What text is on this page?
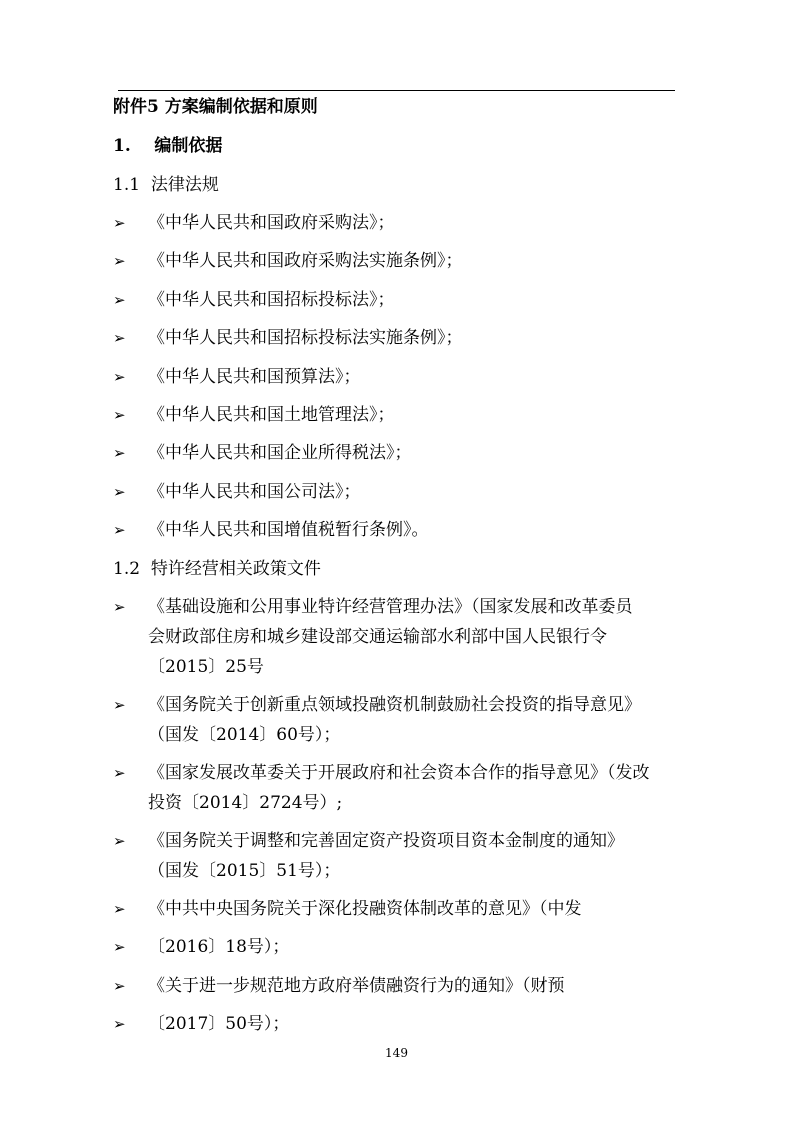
附件5 方案编制依据和原则
1.    编制依据
1.1  法律法规
➢ 《中华人民共和国政府采购法》；
➢ 《中华人民共和国政府采购法实施条例》；
➢ 《中华人民共和国招标投标法》；
➢ 《中华人民共和国招标投标法实施条例》；
➢ 《中华人民共和国预算法》；
➢ 《中华人民共和国土地管理法》；
➢ 《中华人民共和国企业所得税法》；
➢ 《中华人民共和国公司法》；
➢ 《中华人民共和国增值税暂行条例》。
1.2  特许经营相关政策文件
➢ 《基础设施和公用事业特许经营管理办法》（国家发展和改革委员
会财政部住房和城乡建设部交通运输部水利部中国人民银行令
〔2015〕25号
➢ 《国务院关于创新重点领域投融资机制鼓励社会投资的指导意见》
（国发〔2014〕60号）；
➢ 《国家发展改革委关于开展政府和社会资本合作的指导意见》（发改
投资〔2014〕2724号）;
➢ 《国务院关于调整和完善固定资产投资项目资本金制度的通知》
（国发〔2015〕51号）；
➢ 《中共中央国务院关于深化投融资体制改革的意见》（中发
➢ 〔2016〕18号）；
➢ 《关于进一步规范地方政府举债融资行为的通知》（财预
➢ 〔2017〕50号）；
149
